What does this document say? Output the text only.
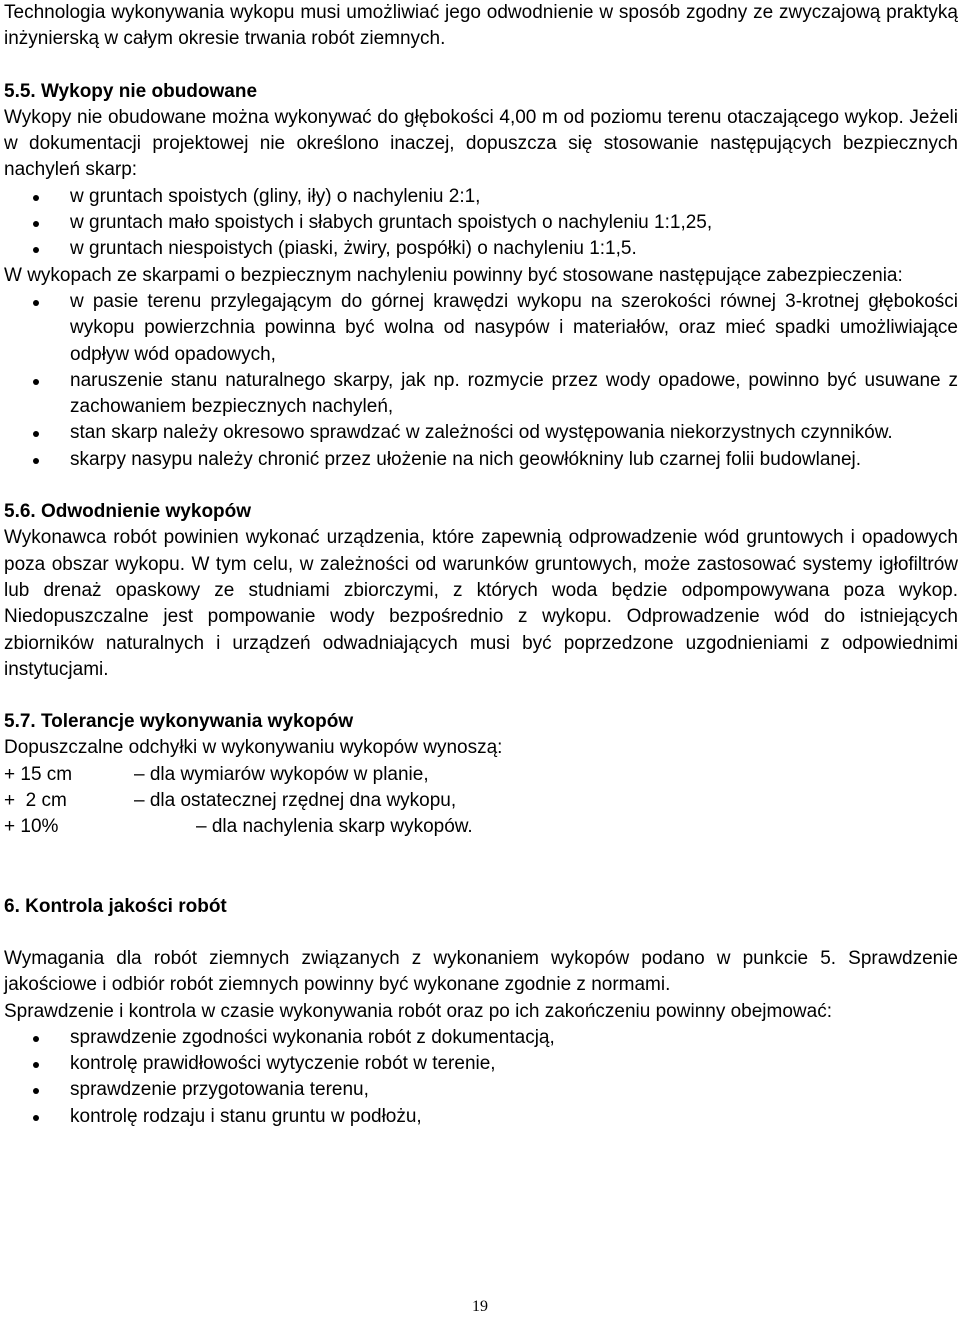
Technologia wykonywania wykopu musi umożliwiać jego odwodnienie w sposób zgodny ze zwyczajową praktyką inżynierską w całym okresie trwania robót ziemnych.

5.5. Wykopy nie obudowane

Wykopy nie obudowane można wykonywać do głębokości 4,00 m od poziomu terenu otaczającego wykop. Jeżeli w dokumentacji projektowej nie określono inaczej, dopuszcza się stosowanie następujących bezpiecznych nachyleń skarp:

w gruntach spoistych (gliny, iły) o nachyleniu 2:1,
w gruntach mało spoistych i słabych gruntach spoistych o nachyleniu 1:1,25,
w gruntach niespoistych (piaski, żwiry, pospółki) o nachyleniu 1:1,5.

W wykopach ze skarpami o bezpiecznym nachyleniu powinny być stosowane następujące zabezpieczenia:

w pasie terenu przylegającym do górnej krawędzi wykopu na szerokości równej 3-krotnej głębokości wykopu powierzchnia powinna być wolna od nasypów i materiałów, oraz mieć spadki umożliwiające odpływ wód opadowych,
naruszenie stanu naturalnego skarpy, jak np. rozmycie przez wody opadowe, powinno być usuwane z zachowaniem bezpiecznych nachyleń,
stan skarp należy okresowo sprawdzać w zależności od występowania niekorzystnych czynników.
skarpy nasypu należy chronić przez ułożenie na nich geowłókniny lub czarnej folii budowlanej.

5.6. Odwodnienie wykopów

Wykonawca robót powinien wykonać urządzenia, które zapewnią odprowadzenie wód gruntowych i opadowych poza obszar wykopu. W tym celu, w zależności od warunków gruntowych, może zastosować systemy igłofiltrów lub drenaż opaskowy ze studniami zbiorczymi, z których woda będzie odpompowywana poza wykop. Niedopuszczalne jest pompowanie wody bezpośrednio z wykopu. Odprowadzenie wód do istniejących zbiorników naturalnych i urządzeń odwadniających musi być poprzedzone uzgodnieniami z odpowiednimi instytucjami.

5.7. Tolerancje wykonywania wykopów

Dopuszczalne odchyłki w wykonywaniu wykopów wynoszą:

+ 15 cm	– dla wymiarów wykopów w planie,
+  2 cm	– dla ostatecznej rzędnej dna wykopu,
+ 10%	– dla nachylenia skarp wykopów.

6. Kontrola jakości robót

Wymagania dla robót ziemnych związanych z wykonaniem wykopów podano w punkcie 5. Sprawdzenie jakościowe i odbiór robót ziemnych powinny być wykonane zgodnie z normami.

Sprawdzenie i kontrola w czasie wykonywania robót oraz po ich zakończeniu powinny obejmować:

sprawdzenie zgodności wykonania robót z dokumentacją,
kontrolę prawidłowości wytyczenie robót w terenie,
sprawdzenie przygotowania terenu,
kontrolę rodzaju i stanu gruntu w podłożu,
19
